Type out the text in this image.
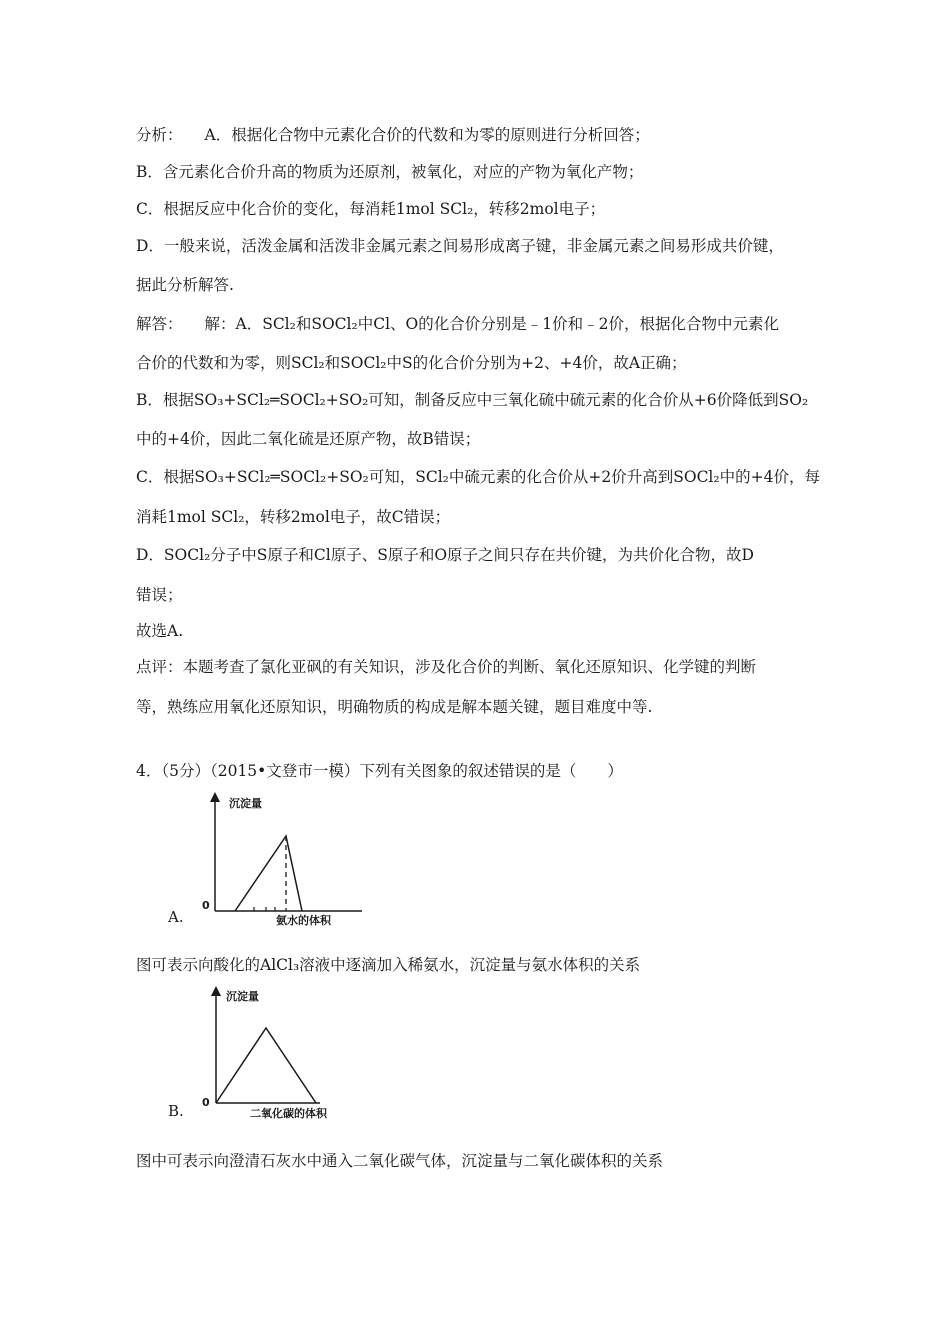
分析： A．根据化合物中元素化合价的代数和为零的原则进行分析回答；
B．含元素化合价升高的物质为还原剂，被氧化，对应的产物为氧化产物；
C．根据反应中化合价的变化，每消耗1mol SCl₂，转移2mol电子；
D．一般来说，活泼金属和活泼非金属元素之间易形成离子键，非金属元素之间易形成共价键，
据此分析解答.
解答： 解：A．SCl₂和SOCl₂中Cl、O的化合价分别是﹣1价和﹣2价，根据化合物中元素化
合价的代数和为零，则SCl₂和SOCl₂中S的化合价分别为+2、+4价，故A正确；
B．根据SO₃+SCl₂═SOCl₂+SO₂可知，制备反应中三氧化硫中硫元素的化合价从+6价降低到SO₂
中的+4价，因此二氧化硫是还原产物，故B错误；
C．根据SO₃+SCl₂═SOCl₂+SO₂可知，SCl₂中硫元素的化合价从+2价升高到SOCl₂中的+4价，每
消耗1mol SCl₂，转移2mol电子，故C错误；
D．SOCl₂分子中S原子和Cl原子、S原子和O原子之间只存在共价键，为共价化合物，故D
错误；
故选A.
点评：本题考查了氯化亚砜的有关知识，涉及化合价的判断、氧化还原知识、化学键的判断
等，熟练应用氧化还原知识，明确物质的构成是解本题关键，题目难度中等.
4．（5分）（2015•文登市一模）下列有关图象的叙述错误的是（　　）
沉淀量
0
氨水的体积
A.
图可表示向酸化的AlCl₃溶液中逐滴加入稀氨水，沉淀量与氨水体积的关系
沉淀量
0
二氧化碳的体积
B.
图中可表示向澄清石灰水中通入二氧化碳气体，沉淀量与二氧化碳体积的关系
